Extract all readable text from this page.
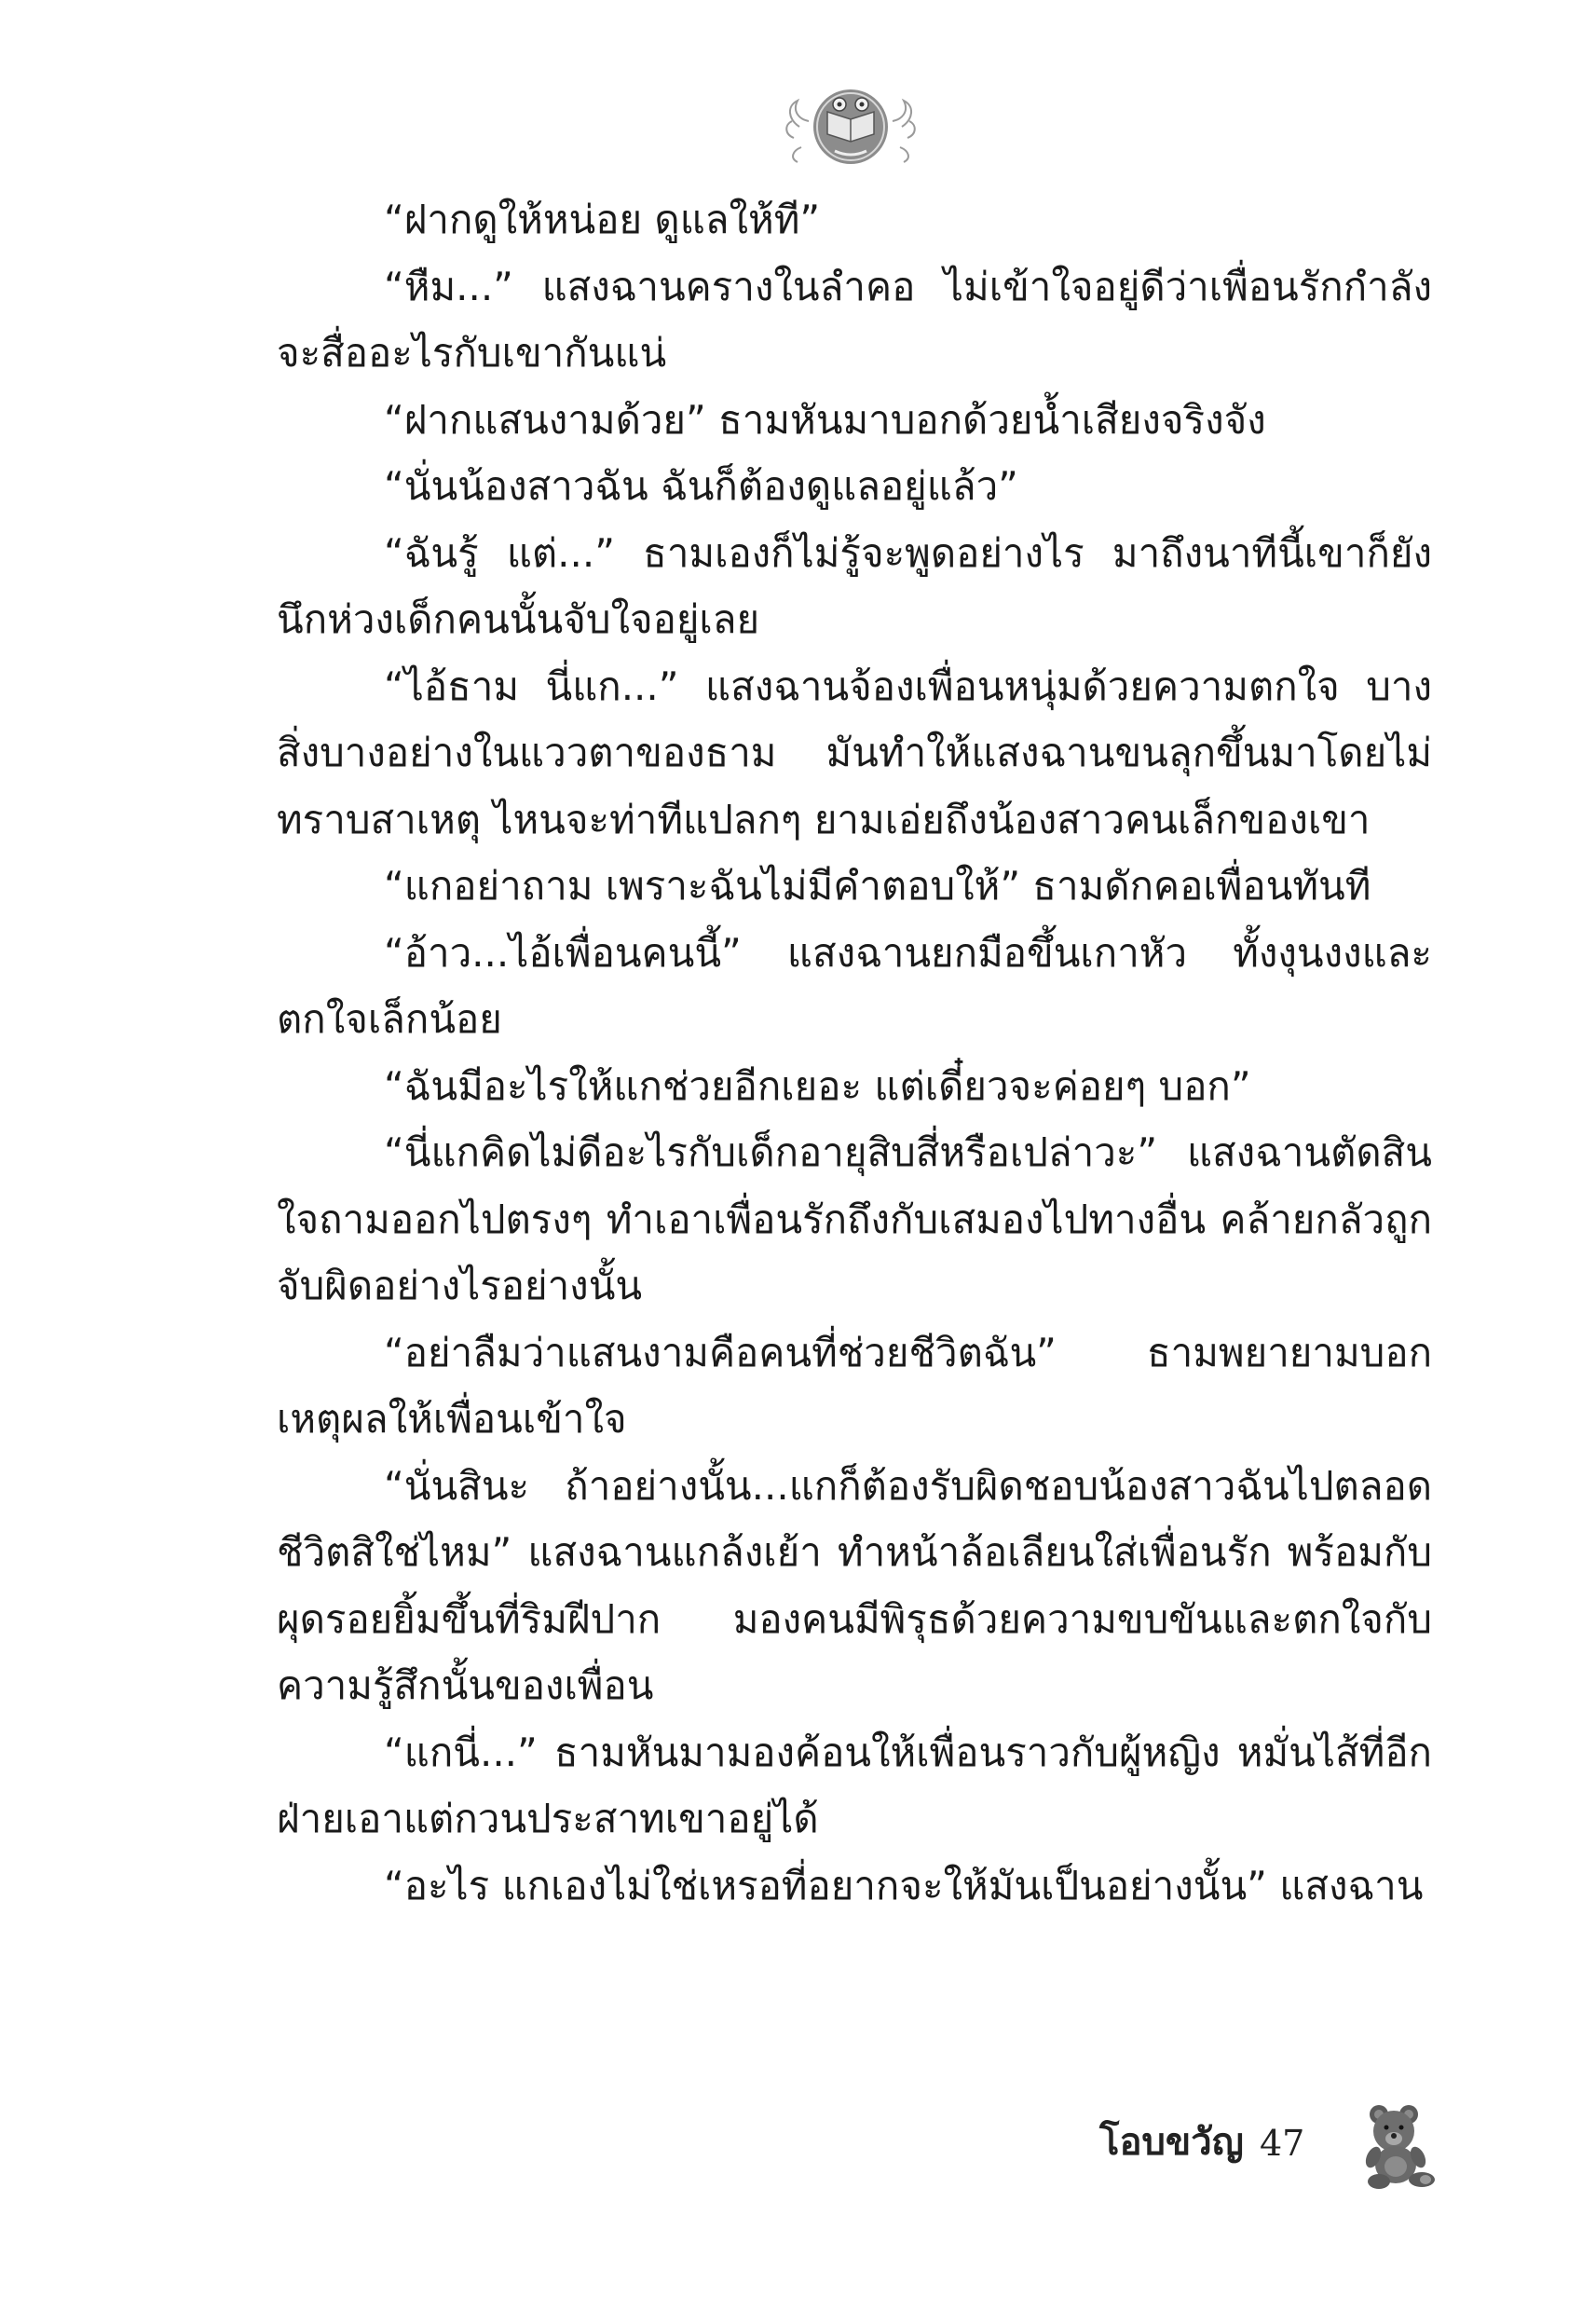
“ฝากดูให้หน่อย ดูแลให้ที”

“หืม...” แสงฉานครางในลำคอ ไม่เข้าใจอยู่ดีว่าเพื่อนรักกำลังจะสื่ออะไรกับเขากันแน่

“ฝากแสนงามด้วย” ธามหันมาบอกด้วยน้ำเสียงจริงจัง

“นั่นน้องสาวฉัน ฉันก็ต้องดูแลอยู่แล้ว”

“ฉันรู้ แต่...” ธามเองก็ไม่รู้จะพูดอย่างไร มาถึงนาทีนี้เขาก็ยังนึกห่วงเด็กคนนั้นจับใจอยู่เลย

“ไอ้ธาม นี่แก...” แสงฉานจ้องเพื่อนหนุ่มด้วยความตกใจ บางสิ่งบางอย่างในแววตาของธาม มันทำให้แสงฉานขนลุกขึ้นมาโดยไม่ทราบสาเหตุ ไหนจะท่าทีแปลกๆ ยามเอ่ยถึงน้องสาวคนเล็กของเขา

“แกอย่าถาม เพราะฉันไม่มีคำตอบให้” ธามดักคอเพื่อนทันที

“อ้าว...ไอ้เพื่อนคนนี้” แสงฉานยกมือขึ้นเกาหัว ทั้งงุนงงและตกใจเล็กน้อย

“ฉันมีอะไรให้แกช่วยอีกเยอะ แต่เดี๋ยวจะค่อยๆ บอก”

“นี่แกคิดไม่ดีอะไรกับเด็กอายุสิบสี่หรือเปล่าวะ” แสงฉานตัดสินใจถามออกไปตรงๆ ทำเอาเพื่อนรักถึงกับเสมองไปทางอื่น คล้ายกลัวถูกจับผิดอย่างไรอย่างนั้น

“อย่าลืมว่าแสนงามคือคนที่ช่วยชีวิตฉัน” ธามพยายามบอกเหตุผลให้เพื่อนเข้าใจ

“นั่นสินะ ถ้าอย่างนั้น...แกก็ต้องรับผิดชอบน้องสาวฉันไปตลอดชีวิตสิใช่ไหม” แสงฉานแกล้งเย้า ทำหน้าล้อเลียนใส่เพื่อนรัก พร้อมกับผุดรอยยิ้มขึ้นที่ริมฝีปาก มองคนมีพิรุธด้วยความขบขันและตกใจกับความรู้สึกนั้นของเพื่อน

“แกนี่...” ธามหันมามองค้อนให้เพื่อนราวกับผู้หญิง หมั่นไส้ที่อีกฝ่ายเอาแต่กวนประสาทเขาอยู่ได้

“อะไร แกเองไม่ใช่เหรอที่อยากจะให้มันเป็นอย่างนั้น” แสงฉาน

โอบขวัญ 47
